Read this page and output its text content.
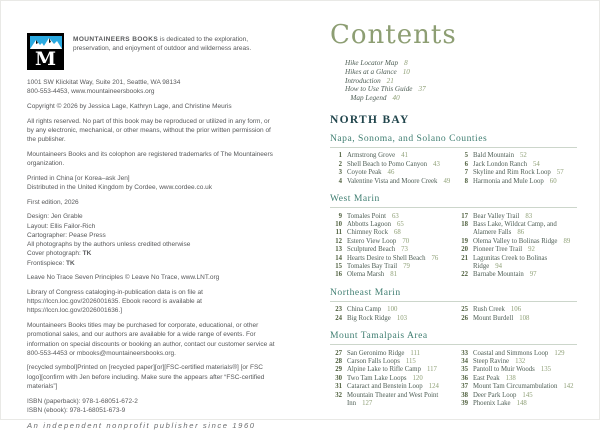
M

MOUNTAINEERS BOOKS is dedicated to the exploration, preservation, and enjoyment of outdoor and wilderness areas.

1001 SW Klickitat Way, Suite 201, Seattle, WA 98134
800-553-4453, www.mountaineersbooks.org

Copyright © 2026 by Jessica Lage, Kathryn Lage, and Christine Meuris

All rights reserved. No part of this book may be reproduced or utilized in any form, or by any electronic, mechanical, or other means, without the prior written permission of the publisher.

Mountaineers Books and its colophon are registered trademarks of The Mountaineers organization.

Printed in China [or Korea–ask Jen]
Distributed in the United Kingdom by Cordee, www.cordee.co.uk

First edition, 2026

Design: Jen Grable
Layout: Ellis Failor-Rich
Cartographer: Pease Press
All photographs by the authors unless credited otherwise
Cover photograph: TK
Frontispiece: TK

Leave No Trace Seven Principles © Leave No Trace, www.LNT.org

Library of Congress cataloging-in-publication data is on file at https://lccn.loc.gov/2026001635. Ebook record is available at https://lccn.loc.gov/2026001636.]

Mountaineers Books titles may be purchased for corporate, educational, or other promotional sales, and our authors are available for a wide range of events. For information on special discounts or booking an author, contact our customer service at 800-553-4453 or mbooks@mountaineersbooks.org.

[recycled symbol]Printed on [recycled paper][or][FSC-certified materials®] [or FSC logo][confirm with Jen before including. Make sure the appears after “FSC-certified materials”]

ISBN (paperback): 978-1-68051-672-2
ISBN (ebook): 978-1-68051-673-9

An independent nonprofit publisher since 1960

Contents
Hike Locator Map 8
Hikes at a Glance 10
Introduction 21
How to Use This Guide 37
Map Legend 40
NORTH BAY
Napa, Sonoma, and Solano Counties
1 Armstrong Grove 41
2 Shell Beach to Pomo Canyon 43
3 Coyote Peak 46
4 Valentine Vista and Moore Creek 49
5 Bald Mountain 52
6 Jack London Ranch 54
7 Skyline and Rim Rock Loop 57
8 Harmonia and Mule Loop 60
West Marin
9 Tomales Point 63
10 Abbotts Lagoon 65
11 Chimney Rock 68
12 Estero View Loop 70
13 Sculptured Beach 73
14 Hearts Desire to Shell Beach 76
15 Tomales Bay Trail 79
16 Olema Marsh 81
17 Bear Valley Trail 83
18 Bass Lake, Wildcat Camp, and Alamere Falls 86
19 Olema Valley to Bolinas Ridge 89
20 Pioneer Tree Trail 92
21 Lagunitas Creek to Bolinas Ridge 94
22 Barnabe Mountain 97
Northeast Marin
23 China Camp 100
24 Big Rock Ridge 103
25 Rush Creek 106
26 Mount Burdell 108
Mount Tamalpais Area
27 San Geronimo Ridge 111
28 Carson Falls Loops 115
29 Alpine Lake to Rifle Camp 117
30 Two Tam Lake Loops 120
31 Cataract and Benstein Loop 124
32 Mountain Theater and West Point Inn 127
33 Coastal and Simmons Loop 129
34 Steep Ravine 132
35 Pantoll to Muir Woods 135
36 East Peak 138
37 Mount Tam Circumambulation 142
38 Deer Park Loop 145
39 Phoenix Lake 148
